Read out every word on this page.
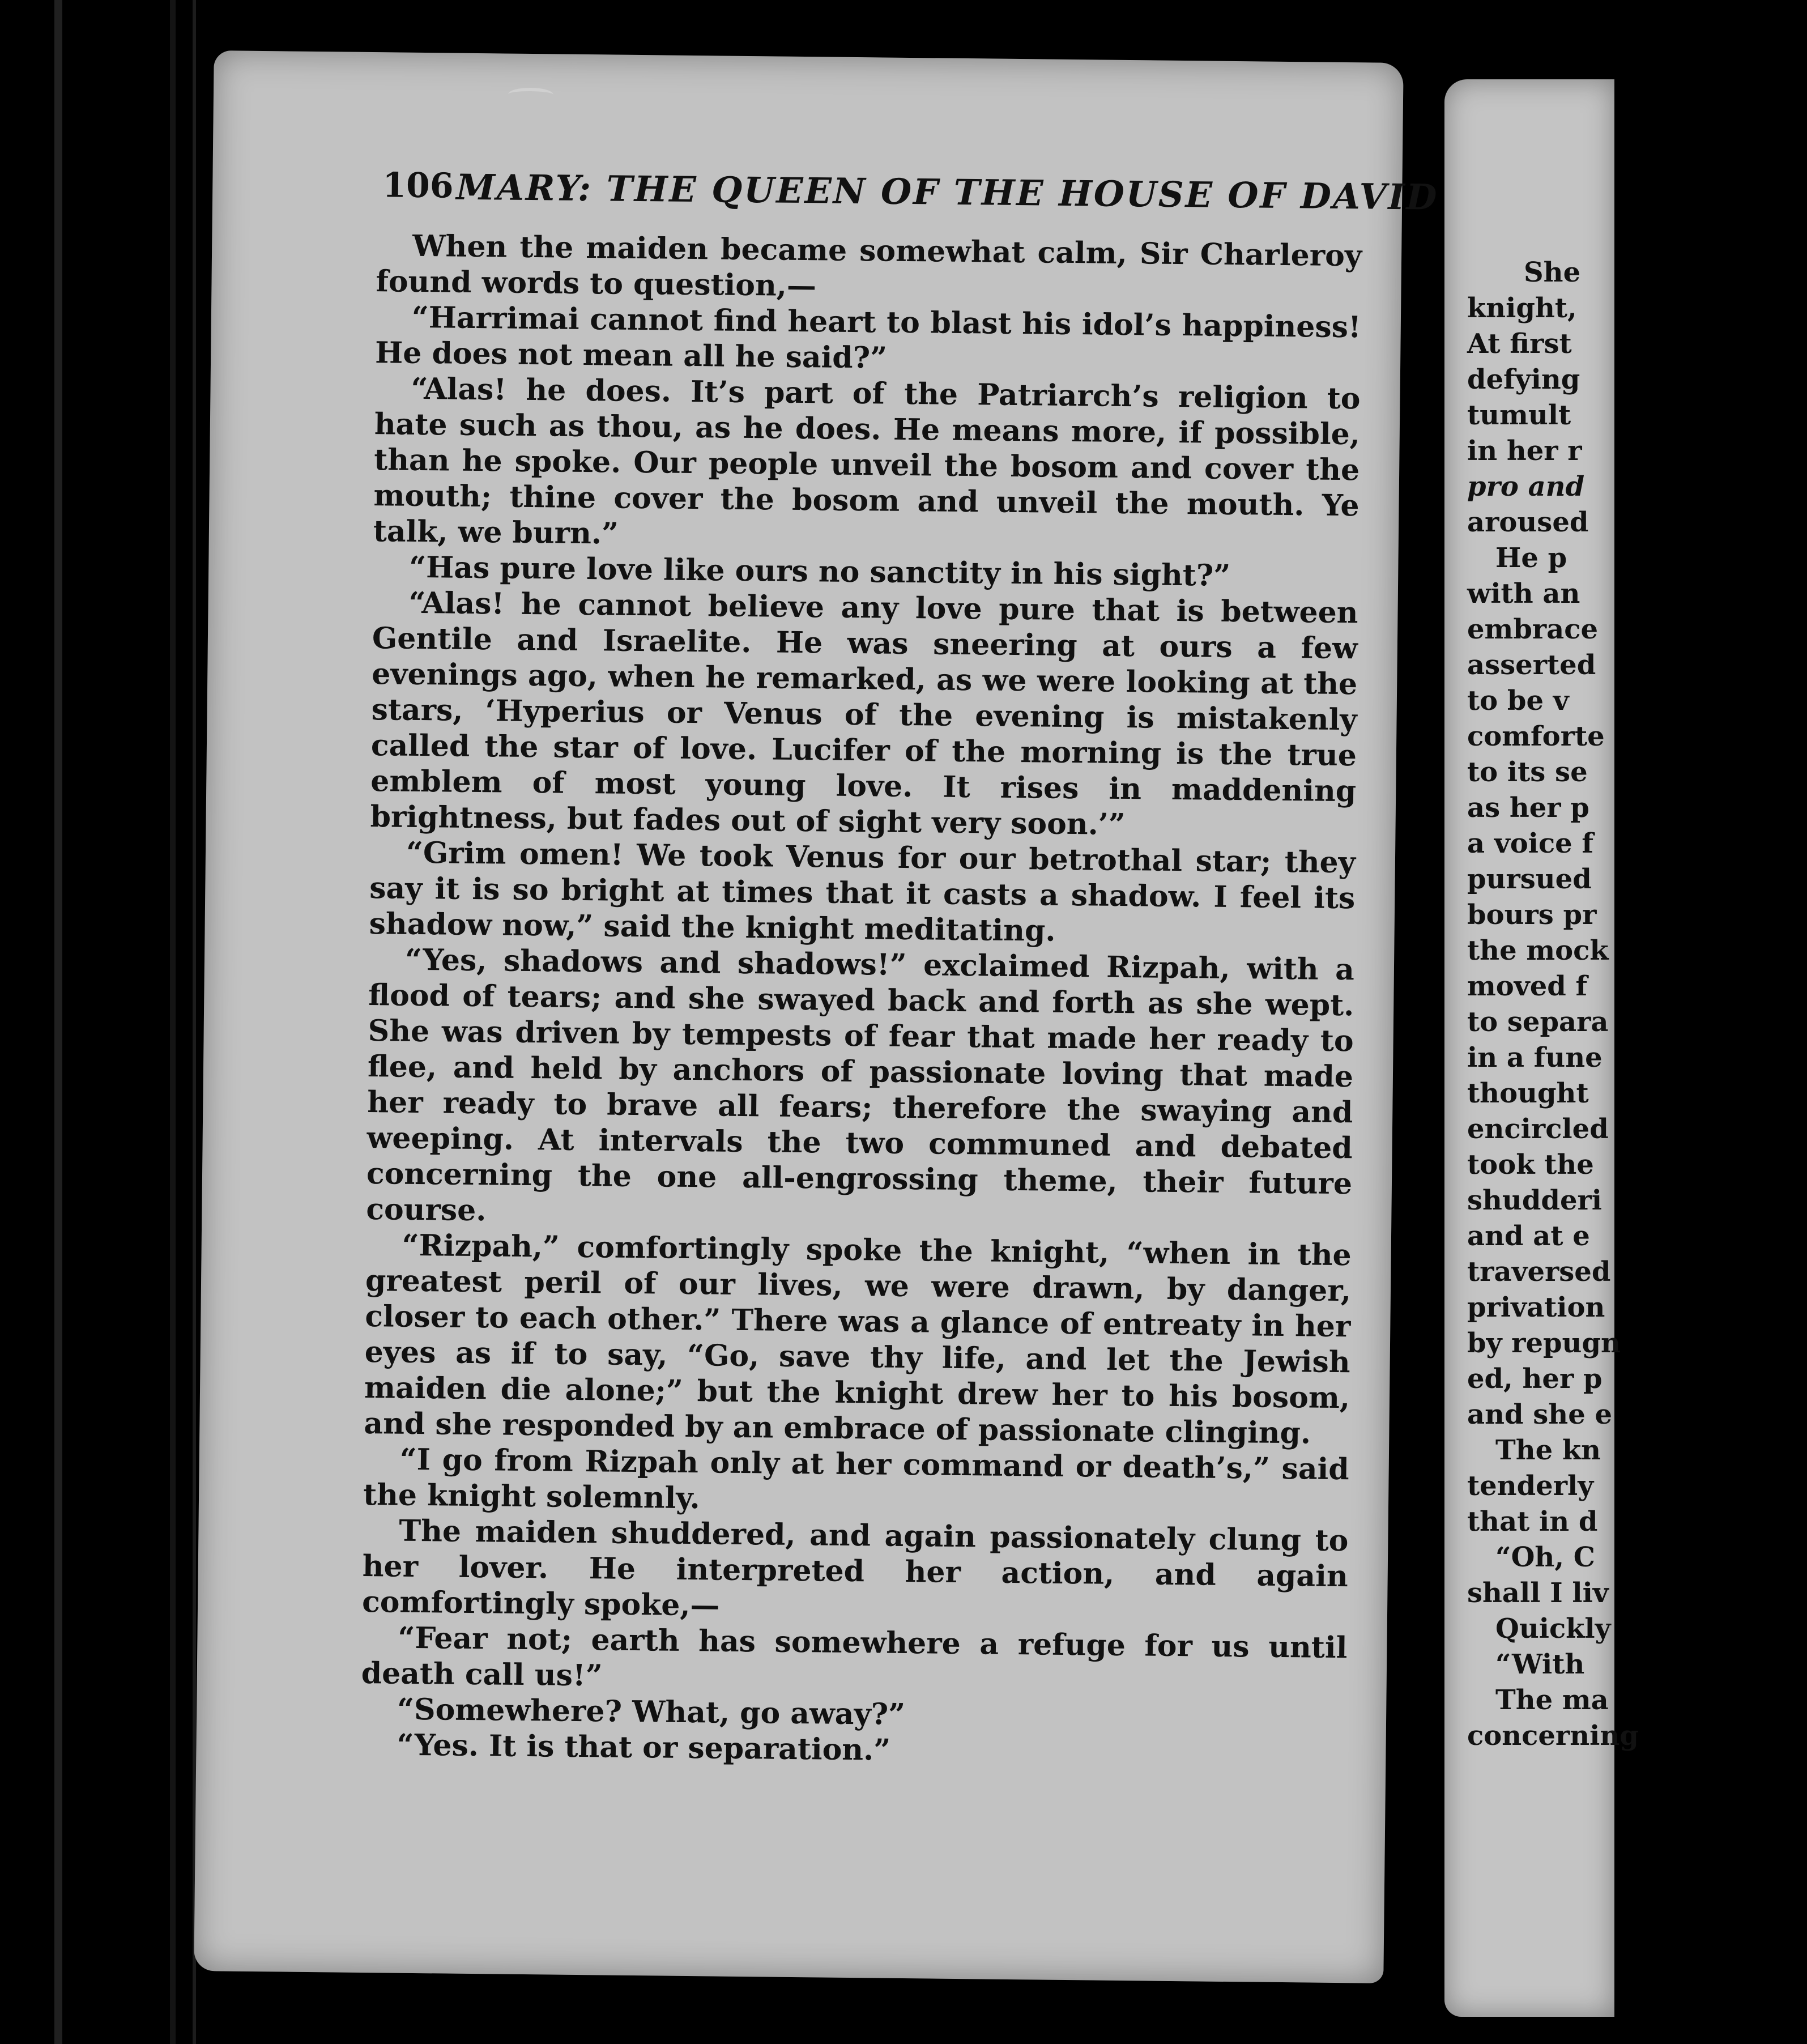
106 MARY: THE QUEEN OF THE HOUSE OF DAVID

When the maiden became somewhat calm, Sir Charleroy found words to question,—

“Harrimai cannot find heart to blast his idol’s happiness! He does not mean all he said?”

“Alas! he does. It’s part of the Patriarch’s religion to hate such as thou, as he does. He means more, if possible, than he spoke. Our people unveil the bosom and cover the mouth; thine cover the bosom and unveil the mouth. Ye talk, we burn.”

“Has pure love like ours no sanctity in his sight?”

“Alas! he cannot believe any love pure that is between Gentile and Israelite. He was sneering at ours a few evenings ago, when he remarked, as we were looking at the stars, ‘Hyperius or Venus of the evening is mistakenly called the star of love. Lucifer of the morning is the true emblem of most young love. It rises in maddening brightness, but fades out of sight very soon.’”

“Grim omen! We took Venus for our betrothal star; they say it is so bright at times that it casts a shadow. I feel its shadow now,” said the knight meditating.

“Yes, shadows and shadows!” exclaimed Rizpah, with a flood of tears; and she swayed back and forth as she wept. She was driven by tempests of fear that made her ready to flee, and held by anchors of passionate loving that made her ready to brave all fears; therefore the swaying and weeping. At intervals the two communed and debated concerning the one all-engrossing theme, their future course.

“Rizpah,” comfortingly spoke the knight, “when in the greatest peril of our lives, we were drawn, by danger, closer to each other.” There was a glance of entreaty in her eyes as if to say, “Go, save thy life, and let the Jewish maiden die alone;” but the knight drew her to his bosom, and she responded by an embrace of passionate clinging.

“I go from Rizpah only at her command or death’s,” said the knight solemnly.

The maiden shuddered, and again passionately clung to her lover. He interpreted her action, and again comfortingly spoke,—

“Fear not; earth has somewhere a refuge for us until death call us!”

“Somewhere? What, go away?”

“Yes. It is that or separation.”

She
knight,
At first
defying
tumult
in her r
pro and
aroused
He p
with an
embrace
asserted
to be v
comforte
to its se
as her p
a voice f
pursued
bours pr
the mock
moved f
to separa
in a fune
thought
encircled
took the
shudderi
and at e
traversed
privation
by repugn
ed, her p
and she e
The kn
tenderly
that in d
“Oh, C
shall I liv
Quickly
“With
The ma
concerning
